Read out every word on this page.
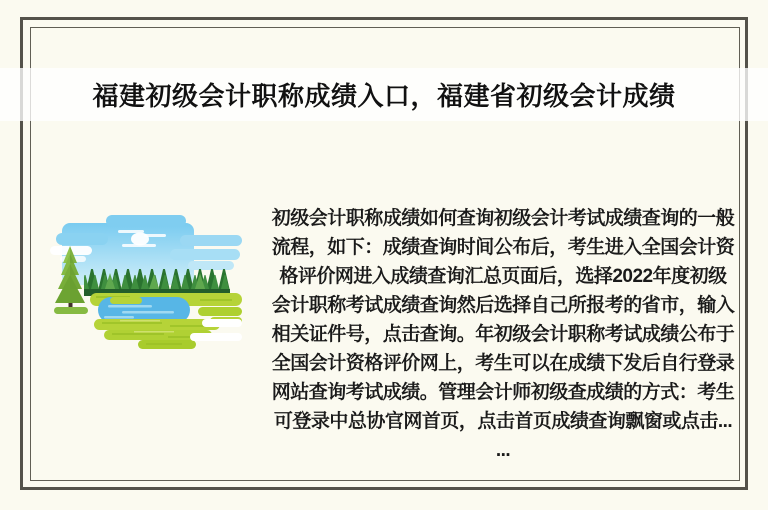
福建初级会计职称成绩入口，福建省初级会计成绩
初级会计职称成绩如何查询初级会计考试成绩查询的一般
流程，如下：成绩查询时间公布后，考生进入全国会计资
格评价网进入成绩查询汇总页面后，选择2022年度初级
会计职称考试成绩查询然后选择自己所报考的省市，输入
相关证件号，点击查询。年初级会计职称考试成绩公布于
全国会计资格评价网上，考生可以在成绩下发后自行登录
网站查询考试成绩。管理会计师初级查成绩的方式：考生
可登录中总协官网首页，点击首页成绩查询飘窗或点击...
...
